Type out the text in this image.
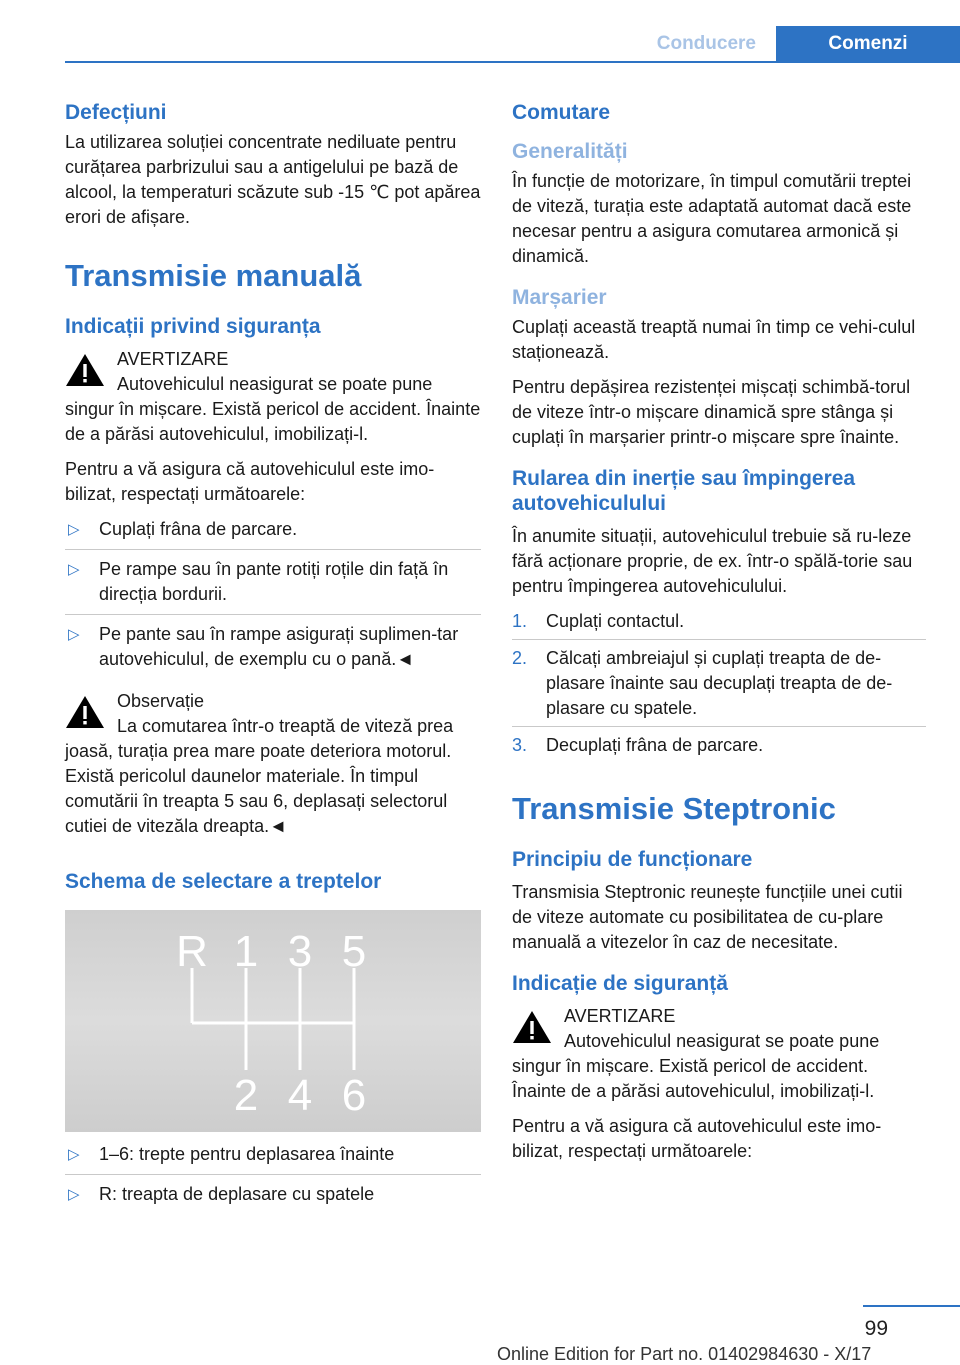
Conducere	Comenzi
Defecțiuni

La utilizarea soluției concentrate nediluate pentru curățarea parbrizului sau a antigelului pe bază de alcool, la temperaturi scăzute sub -15 ℃ pot apărea erori de afișare.

Transmisie manuală
Indicații privind siguranța
AVERTIZARE
Autovehiculul neasigurat se poate pune singur în mișcare. Există pericol de accident. Înainte de a părăsi autovehiculul, imobilizați-l.

Pentru a vă asigura că autovehiculul este imo-bilizat, respectați următoarele:

▷ Cuplați frâna de parcare.
▷ Pe rampe sau în pante rotiți roțile din față în direcția bordurii.
▷ Pe pante sau în rampe asigurați suplimen-tar autovehiculul, de exemplu cu o pană.◄
Observație
La comutarea într-o treaptă de viteză prea joasă, turația prea mare poate deteriora motorul. Există pericolul daunelor materiale. În timpul comutării în treapta 5 sau 6, deplasați selectorul cutiei de vitezăla dreapta.◄
Schema de selectare a treptelor
R 1 3 5
2 4 6
▷ 1–6: trepte pentru deplasarea înainte
▷ R: treapta de deplasare cu spatele
Comutare
Generalități

În funcție de motorizare, în timpul comutării treptei de viteză, turația este adaptată automat dacă este necesar pentru a asigura comutarea armonică și dinamică.

Marșarier

Cuplați această treaptă numai în timp ce vehi-culul staționează.

Pentru depășirea rezistenței mișcați schimbă-torul de viteze într-o mișcare dinamică spre stânga și cuplați în marșarier printr-o mișcare spre înainte.

Rularea din inerție sau împingerea autovehiculului

În anumite situații, autovehiculul trebuie să ru-leze fără acționare proprie, de ex. într-o spălă-torie sau pentru împingerea autovehiculului.

1. Cuplați contactul.
2. Călcați ambreiajul și cuplați treapta de de-plasare înainte sau decuplați treapta de de-plasare cu spatele.
3. Decuplați frâna de parcare.
Transmisie Steptronic
Principiu de funcționare

Transmisia Steptronic reunește funcțiile unei cutii de viteze automate cu posibilitatea de cu-plare manuală a vitezelor în caz de necesitate.

Indicație de siguranță
AVERTIZARE
Autovehiculul neasigurat se poate pune singur în mișcare. Există pericol de accident. Înainte de a părăsi autovehiculul, imobilizați-l.

Pentru a vă asigura că autovehiculul este imo-bilizat, respectați următoarele:

99
Online Edition for Part no. 01402984630 - X/17
